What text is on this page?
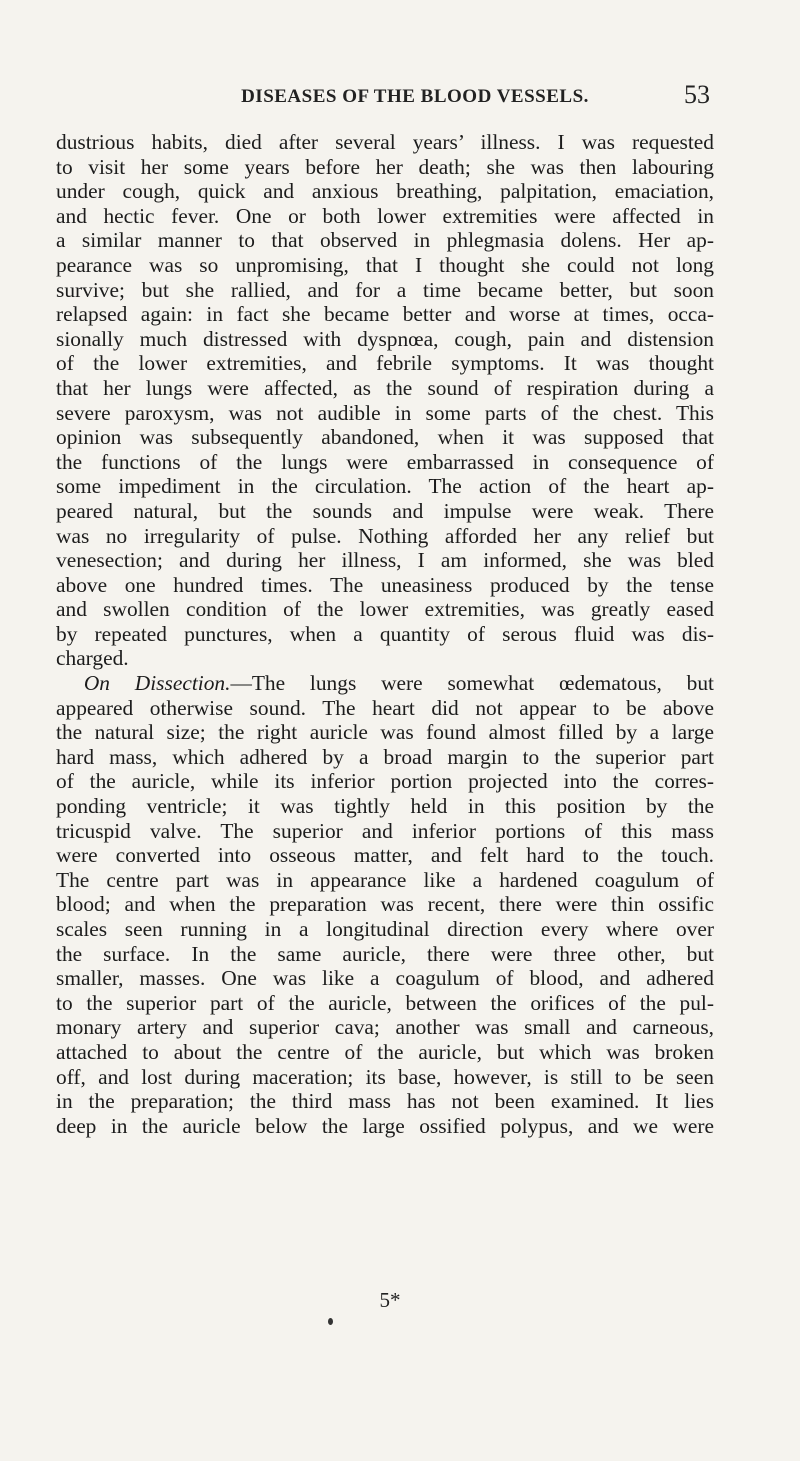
DISEASES OF THE BLOOD VESSELS.	53
dustrious habits, died after several years’ illness. I was requested
to visit her some years before her death; she was then labouring
under cough, quick and anxious breathing, palpitation, emaciation,
and hectic fever. One or both lower extremities were affected in
a similar manner to that observed in phlegmasia dolens. Her ap-
pearance was so unpromising, that I thought she could not long
survive; but she rallied, and for a time became better, but soon
relapsed again: in fact she became better and worse at times, occa-
sionally much distressed with dyspnœa, cough, pain and distension
of the lower extremities, and febrile symptoms. It was thought
that her lungs were affected, as the sound of respiration during a
severe paroxysm, was not audible in some parts of the chest. This
opinion was subsequently abandoned, when it was supposed that
the functions of the lungs were embarrassed in consequence of
some impediment in the circulation. The action of the heart ap-
peared natural, but the sounds and impulse were weak. There
was no irregularity of pulse. Nothing afforded her any relief but
venesection; and during her illness, I am informed, she was bled
above one hundred times. The uneasiness produced by the tense
and swollen condition of the lower extremities, was greatly eased
by repeated punctures, when a quantity of serous fluid was dis-
charged.
On Dissection.—The lungs were somewhat œdematous, but
appeared otherwise sound. The heart did not appear to be above
the natural size; the right auricle was found almost filled by a large
hard mass, which adhered by a broad margin to the superior part
of the auricle, while its inferior portion projected into the corres-
ponding ventricle; it was tightly held in this position by the
tricuspid valve. The superior and inferior portions of this mass
were converted into osseous matter, and felt hard to the touch.
The centre part was in appearance like a hardened coagulum of
blood; and when the preparation was recent, there were thin ossific
scales seen running in a longitudinal direction every where over
the surface. In the same auricle, there were three other, but
smaller, masses. One was like a coagulum of blood, and adhered
to the superior part of the auricle, between the orifices of the pul-
monary artery and superior cava; another was small and carneous,
attached to about the centre of the auricle, but which was broken
off, and lost during maceration; its base, however, is still to be seen
in the preparation; the third mass has not been examined. It lies
deep in the auricle below the large ossified polypus, and we were
5*
